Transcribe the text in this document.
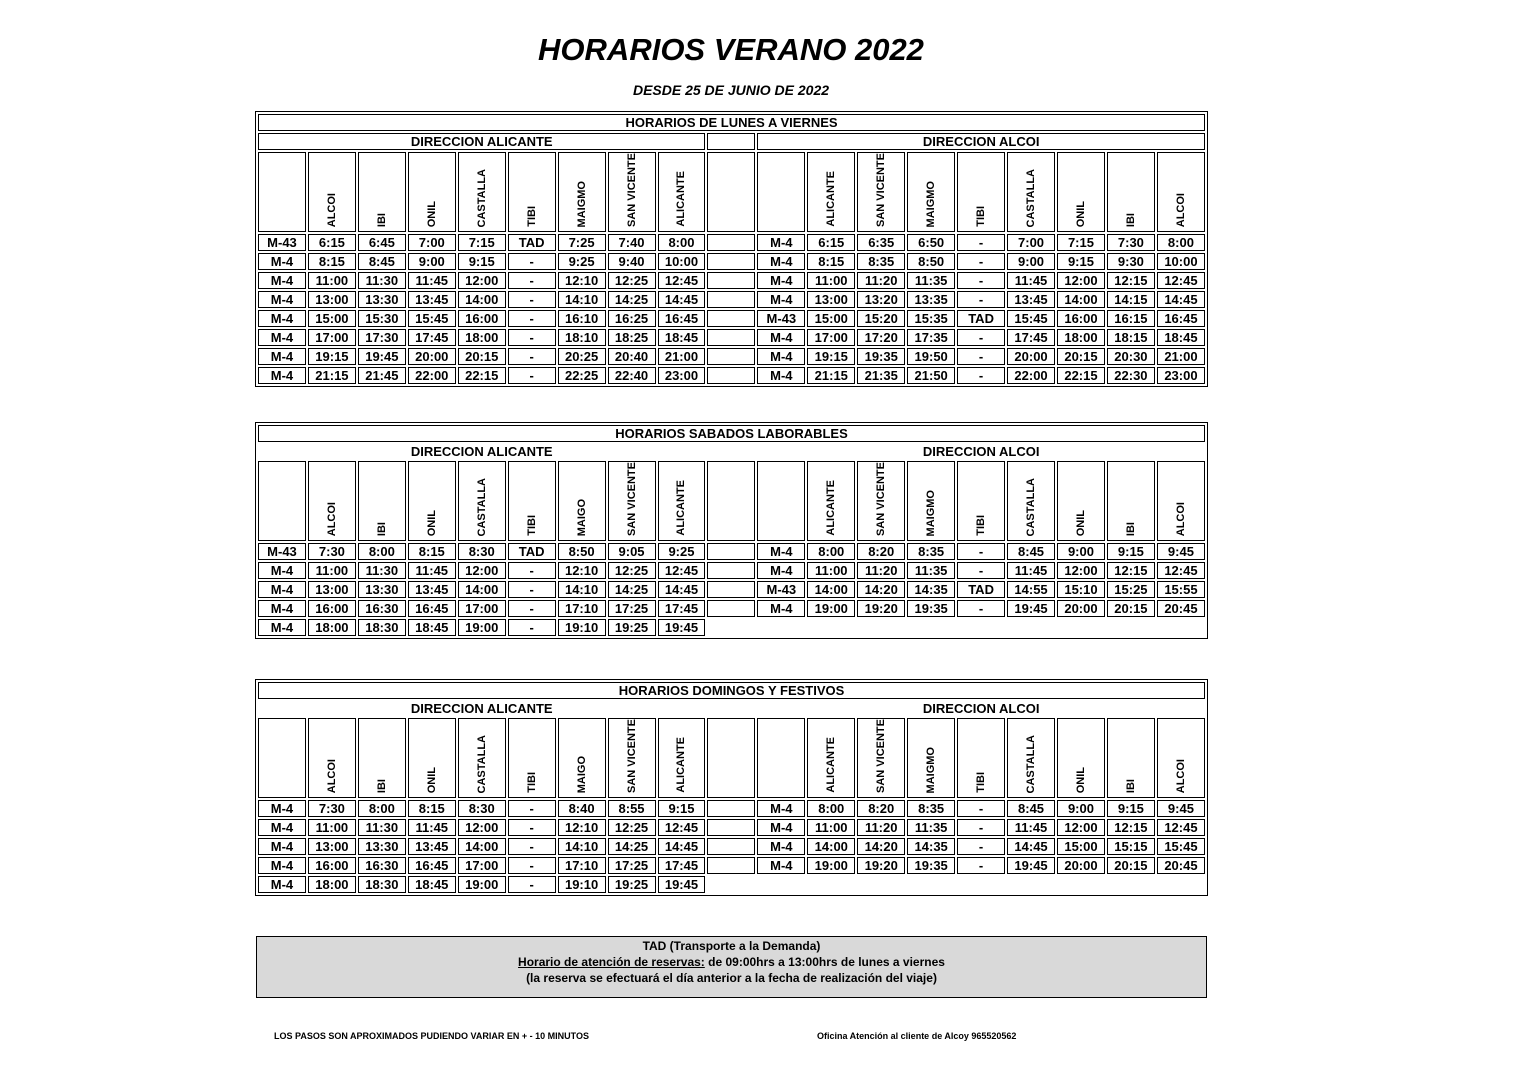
HORARIOS VERANO 2022
DESDE 25 DE JUNIO DE 2022
HORARIOS DE LUNES A VIERNES																		
DIRECCION ALICANTE										DIRECCION ALCOI								
	ALCOI	IBI	ONIL	CASTALLA	TIBI	MAIGMO	SAN VICENTE	ALICANTE			ALICANTE	SAN VICENTE	MAIGMO	TIBI	CASTALLA	ONIL	IBI	ALCOI
M-43	6:15	6:45	7:00	7:15	TAD	7:25	7:40	8:00		M-4	6:15	6:35	6:50	-	7:00	7:15	7:30	8:00
M-4	8:15	8:45	9:00	9:15	-	9:25	9:40	10:00		M-4	8:15	8:35	8:50	-	9:00	9:15	9:30	10:00
M-4	11:00	11:30	11:45	12:00	-	12:10	12:25	12:45		M-4	11:00	11:20	11:35	-	11:45	12:00	12:15	12:45
M-4	13:00	13:30	13:45	14:00	-	14:10	14:25	14:45		M-4	13:00	13:20	13:35	-	13:45	14:00	14:15	14:45
M-4	15:00	15:30	15:45	16:00	-	16:10	16:25	16:45		M-43	15:00	15:20	15:35	TAD	15:45	16:00	16:15	16:45
M-4	17:00	17:30	17:45	18:00	-	18:10	18:25	18:45		M-4	17:00	17:20	17:35	-	17:45	18:00	18:15	18:45
M-4	19:15	19:45	20:00	20:15	-	20:25	20:40	21:00		M-4	19:15	19:35	19:50	-	20:00	20:15	20:30	21:00
M-4	21:15	21:45	22:00	22:15	-	22:25	22:40	23:00		M-4	21:15	21:35	21:50	-	22:00	22:15	22:30	23:00
HORARIOS SABADOS LABORABLES																		
DIRECCION ALICANTE										DIRECCION ALCOI								
	ALCOI	IBI	ONIL	CASTALLA	TIBI	MAIGO	SAN VICENTE	ALICANTE			ALICANTE	SAN VICENTE	MAIGMO	TIBI	CASTALLA	ONIL	IBI	ALCOI
M-43	7:30	8:00	8:15	8:30	TAD	8:50	9:05	9:25		M-4	8:00	8:20	8:35	-	8:45	9:00	9:15	9:45
M-4	11:00	11:30	11:45	12:00	-	12:10	12:25	12:45		M-4	11:00	11:20	11:35	-	11:45	12:00	12:15	12:45
M-4	13:00	13:30	13:45	14:00	-	14:10	14:25	14:45		M-43	14:00	14:20	14:35	TAD	14:55	15:10	15:25	15:55
M-4	16:00	16:30	16:45	17:00	-	17:10	17:25	17:45		M-4	19:00	19:20	19:35	-	19:45	20:00	20:15	20:45
M-4	18:00	18:30	18:45	19:00	-	19:10	19:25	19:45										
HORARIOS DOMINGOS Y FESTIVOS																		
DIRECCION ALICANTE										DIRECCION ALCOI								
	ALCOI	IBI	ONIL	CASTALLA	TIBI	MAIGO	SAN VICENTE	ALICANTE			ALICANTE	SAN VICENTE	MAIGMO	TIBI	CASTALLA	ONIL	IBI	ALCOI
M-4	7:30	8:00	8:15	8:30	-	8:40	8:55	9:15		M-4	8:00	8:20	8:35	-	8:45	9:00	9:15	9:45
M-4	11:00	11:30	11:45	12:00	-	12:10	12:25	12:45		M-4	11:00	11:20	11:35	-	11:45	12:00	12:15	12:45
M-4	13:00	13:30	13:45	14:00	-	14:10	14:25	14:45		M-4	14:00	14:20	14:35	-	14:45	15:00	15:15	15:45
M-4	16:00	16:30	16:45	17:00	-	17:10	17:25	17:45		M-4	19:00	19:20	19:35	-	19:45	20:00	20:15	20:45
M-4	18:00	18:30	18:45	19:00	-	19:10	19:25	19:45										
TAD (Transporte a la Demanda)
Horario de atención de reservas: de 09:00hrs a 13:00hrs de lunes a viernes
(la reserva se efectuará el día anterior a la fecha de realización del viaje)
LOS PASOS SON APROXIMADOS PUDIENDO VARIAR EN + - 10 MINUTOS	Oficina Atención al cliente de Alcoy 965520562
